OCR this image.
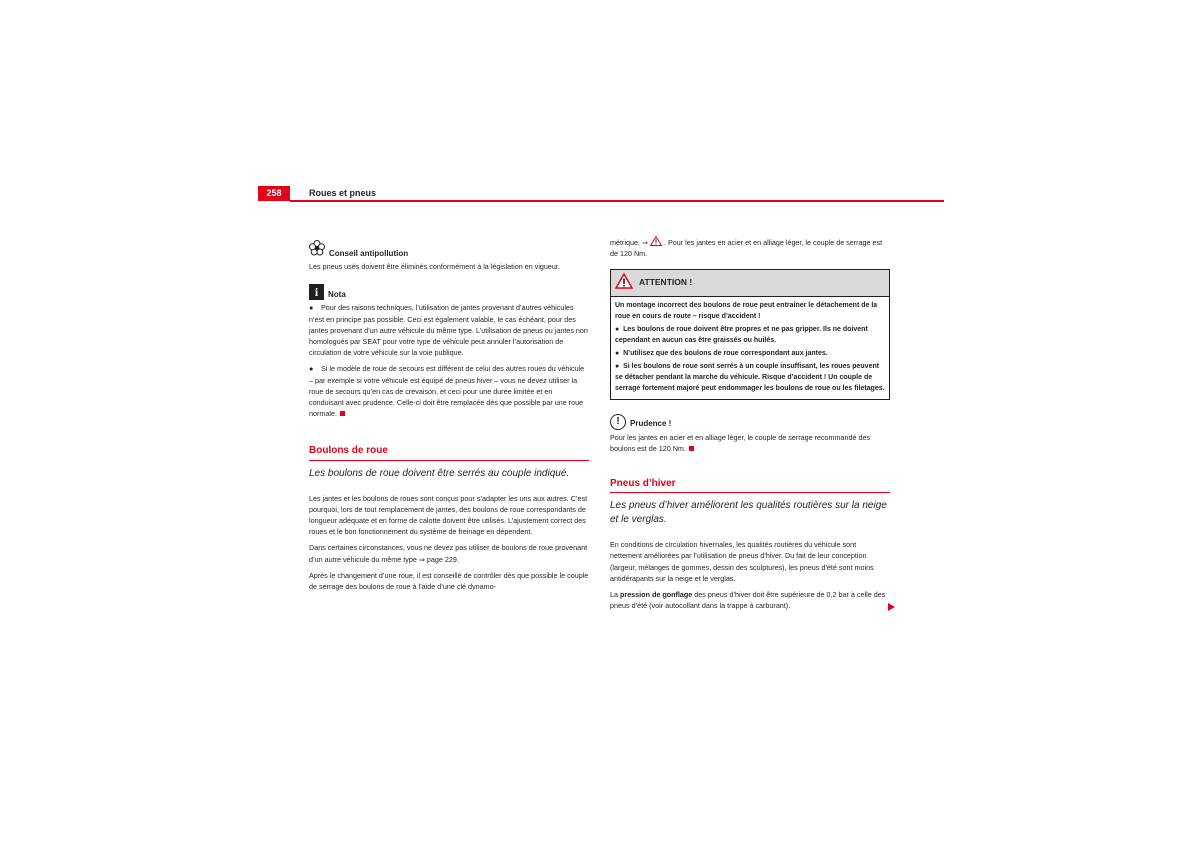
258	Roues et pneus
Conseil antipollution

Les pneus usés doivent être éliminés conformément à la législation en vigueur.

i	Nota

● Pour des raisons techniques, l’utilisation de jantes provenant d’autres véhicules n’est en principe pas possible. Ceci est également valable, le cas échéant, pour des jantes provenant d’un autre véhicule du même type. L’utilisation de pneus ou jantes non homologués par SEAT pour votre type de véhicule peut annuler l’autorisation de circulation de votre véhicule sur la voie publique.

● Si le modèle de roue de secours est différent de celui des autres roues du véhicule – par exemple si votre véhicule est équipé de pneus hiver – vous ne devez utiliser la roue de secours qu’en cas de crevaison, et ceci pour une durée limitée et en conduisant avec prudence. Celle-ci doit être remplacée dès que possible par une roue normale.

Boulons de roue
Les boulons de roue doivent être serrés au couple indiqué.

Les jantes et les boulons de roues sont conçus pour s’adapter les uns aux autres. C’est pourquoi, lors de tout remplacement de jantes, des boulons de roue correspondants de longueur adéquate et en forme de calotte doivent être utilisés. L’ajustement correct des roues et le bon fonctionnement du système de freinage en dépendent.

Dans certaines circonstances, vous ne devez pas utiliser de boulons de roue provenant d’un autre véhicule du même type ⇒ page 229.

Après le changement d’une roue, il est conseillé de contrôler dès que possible le couple de serrage des boulons de roue à l’aide d’une clé dynamo-

métrique. ⇒ . Pour les jantes en acier et en alliage léger, le couple de serrage est de 120 Nm.

ATTENTION !

Un montage incorrect des boulons de roue peut entraîner le détachement de la roue en cours de route – risque d’accident !

●  Les boulons de roue doivent être propres et ne pas gripper. Ils ne doivent cependant en aucun cas être graissés ou huilés.

●  N’utilisez que des boulons de roue correspondant aux jantes.

●  Si les boulons de roue sont serrés à un couple insuffisant, les roues peuvent se détacher pendant la marche du véhicule. Risque d’accident ! Un couple de serrage fortement majoré peut endommager les boulons de roue ou les filetages.

!	Prudence !

Pour les jantes en acier et en alliage léger, le couple de serrage recommandé des boulons est de 120 Nm.

Pneus d’hiver
Les pneus d’hiver améliorent les qualités routières sur la neige et le verglas.

En conditions de circulation hivernales, les qualités routières du véhicule sont nettement améliorées par l’utilisation de pneus d’hiver. Du fait de leur conception (largeur, mélanges de gommes, dessin des sculptures), les pneus d’été sont moins antidérapants sur la neige et le verglas.

La pression de gonflage des pneus d’hiver doit être supérieure de 0,2 bar à celle des pneus d’été (voir autocollant dans la trappe à carburant).
